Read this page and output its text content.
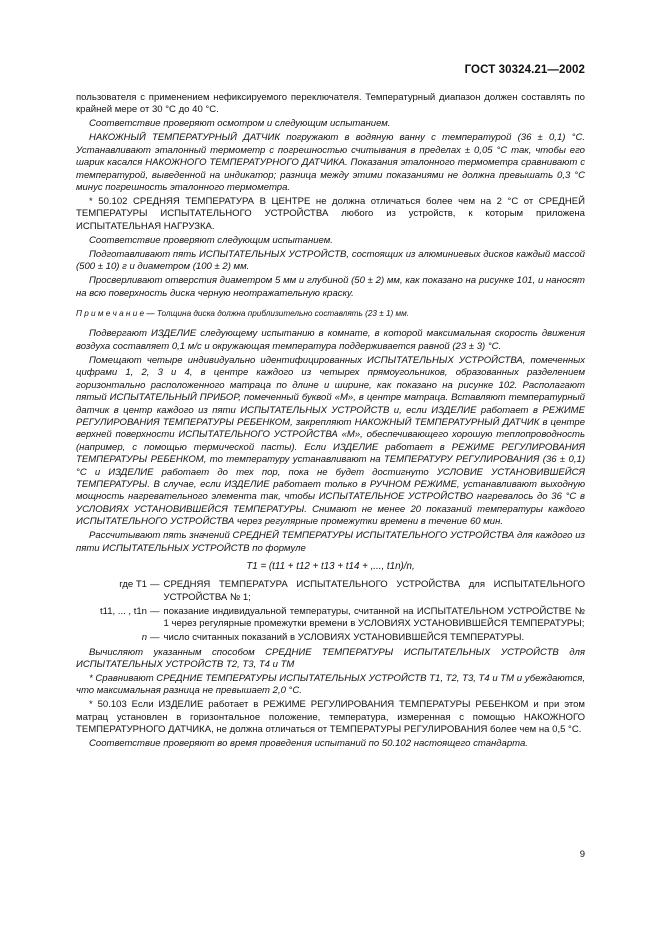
ГОСТ 30324.21—2002

пользователя с применением нефиксируемого переключателя. Температурный диапазон должен составлять по крайней мере от 30 °С до 40 °С.

Соответствие проверяют осмотром и следующим испытанием.

НАКОЖНЫЙ ТЕМПЕРАТУРНЫЙ ДАТЧИК погружают в водяную ванну с температурой (36 ± 0,1) °С. Устанавливают эталонный термометр с погрешностью считывания в пределах ± 0,05 °С так, чтобы его шарик касался НАКОЖНОГО ТЕМПЕРАТУРНОГО ДАТЧИКА. Показания эталонного термометра сравнивают с температурой, выведенной на индикатор; разница между этими показаниями не должна превышать 0,3 °С минус погрешность эталонного термометра.

* 50.102 СРЕДНЯЯ ТЕМПЕРАТУРА В ЦЕНТРЕ не должна отличаться более чем на 2 °С от СРЕДНЕЙ ТЕМПЕРАТУРЫ ИСПЫТАТЕЛЬНОГО УСТРОЙСТВА любого из устройств, к которым приложена ИСПЫТАТЕЛЬНАЯ НАГРУЗКА.

Соответствие проверяют следующим испытанием.

Подготавливают пять ИСПЫТАТЕЛЬНЫХ УСТРОЙСТВ, состоящих из алюминиевых дисков каждый массой (500 ± 10) г и диаметром (100 ± 2) мм.

Просверливают отверстия диаметром 5 мм и глубиной (50 ± 2) мм, как показано на рисунке 101, и наносят на всю поверхность диска черную неотражательную краску.

П р и м е ч а н и е — Толщина диска должна приблизительно составлять (23 ± 1) мм.

Подвергают ИЗДЕЛИЕ следующему испытанию в комнате, в которой максимальная скорость движения воздуха составляет 0,1 м/с и окружающая температура поддерживается равной (23 ± 3) °С.

Помещают четыре индивидуально идентифицированных ИСПЫТАТЕЛЬНЫХ УСТРОЙСТВА, помеченных цифрами 1, 2, 3 и 4, в центре каждого из четырех прямоугольников, образованных разделением горизонтально расположенного матраца по длине и ширине, как показано на рисунке 102. Располагают пятый ИСПЫТАТЕЛЬНЫЙ ПРИБОР, помеченный буквой «М», в центре матраца. Вставляют температурный датчик в центр каждого из пяти ИСПЫТАТЕЛЬНЫХ УСТРОЙСТВ и, если ИЗДЕЛИЕ работает в РЕЖИМЕ РЕГУЛИРОВАНИЯ ТЕМПЕРАТУРЫ РЕБЕНКОМ, закрепляют НАКОЖНЫЙ ТЕМПЕРАТУРНЫЙ ДАТЧИК в центре верхней поверхности ИСПЫТАТЕЛЬНОГО УСТРОЙСТВА «М», обеспечивающего хорошую теплопроводность (например, с помощью термической пасты). Если ИЗДЕЛИЕ работает в РЕЖИМЕ РЕГУЛИРОВАНИЯ ТЕМПЕРАТУРЫ РЕБЕНКОМ, то температуру устанавливают на ТЕМПЕРАТУРУ РЕГУЛИРОВАНИЯ (36 ± 0,1) °С и ИЗДЕЛИЕ работает до тех пор, пока не будет достигнуто УСЛОВИЕ УСТАНОВИВШЕЙСЯ ТЕМПЕРАТУРЫ. В случае, если ИЗДЕЛИЕ работает только в РУЧНОМ РЕЖИМЕ, устанавливают выходную мощность нагревательного элемента так, чтобы ИСПЫТАТЕЛЬНОЕ УСТРОЙСТВО нагревалось до 36 °С в УСЛОВИЯХ УСТАНОВИВШЕЙСЯ ТЕМПЕРАТУРЫ. Снимают не менее 20 показаний температуры каждого ИСПЫТАТЕЛЬНОГО УСТРОЙСТВА через регулярные промежутки времени в течение 60 мин.

Рассчитывают пять значений СРЕДНЕЙ ТЕМПЕРАТУРЫ ИСПЫТАТЕЛЬНОГО УСТРОЙСТВА для каждого из пяти ИСПЫТАТЕЛЬНЫХ УСТРОЙСТВ по формуле

T1 = (t11 + t12 + t13 + t14 + ,..., t1n)/n,
где T1 — СРЕДНЯЯ ТЕМПЕРАТУРА ИСПЫТАТЕЛЬНОГО УСТРОЙСТВА для ИСПЫТАТЕЛЬНОГО УСТРОЙСТВА № 1;
t11, ... , t1n — показание индивидуальной температуры, считанной на ИСПЫТАТЕЛЬНОМ УСТРОЙСТВЕ № 1 через регулярные промежутки времени в УСЛОВИЯХ УСТАНОВИВШЕЙСЯ ТЕМПЕРАТУРЫ;
n — число считанных показаний в УСЛОВИЯХ УСТАНОВИВШЕЙСЯ ТЕМПЕРАТУРЫ.

Вычисляют указанным способом СРЕДНИЕ ТЕМПЕРАТУРЫ ИСПЫТАТЕЛЬНЫХ УСТРОЙСТВ для ИСПЫТАТЕЛЬНЫХ УСТРОЙСТВ T2, T3, T4 и TM

* Сравнивают СРЕДНИЕ ТЕМПЕРАТУРЫ ИСПЫТАТЕЛЬНЫХ УСТРОЙСТВ T1, T2, T3, T4 и TM и убеждаются, что максимальная разница не превышает 2,0 °С.

* 50.103 Если ИЗДЕЛИЕ работает в РЕЖИМЕ РЕГУЛИРОВАНИЯ ТЕМПЕРАТУРЫ РЕБЕНКОМ и при этом матрац установлен в горизонтальное положение, температура, измеренная с помощью НАКОЖНОГО ТЕМПЕРАТУРНОГО ДАТЧИКА, не должна отличаться от ТЕМПЕРАТУРЫ РЕГУЛИРОВАНИЯ более чем на 0,5 °С.

Соответствие проверяют во время проведения испытаний по 50.102 настоящего стандарта.

9
